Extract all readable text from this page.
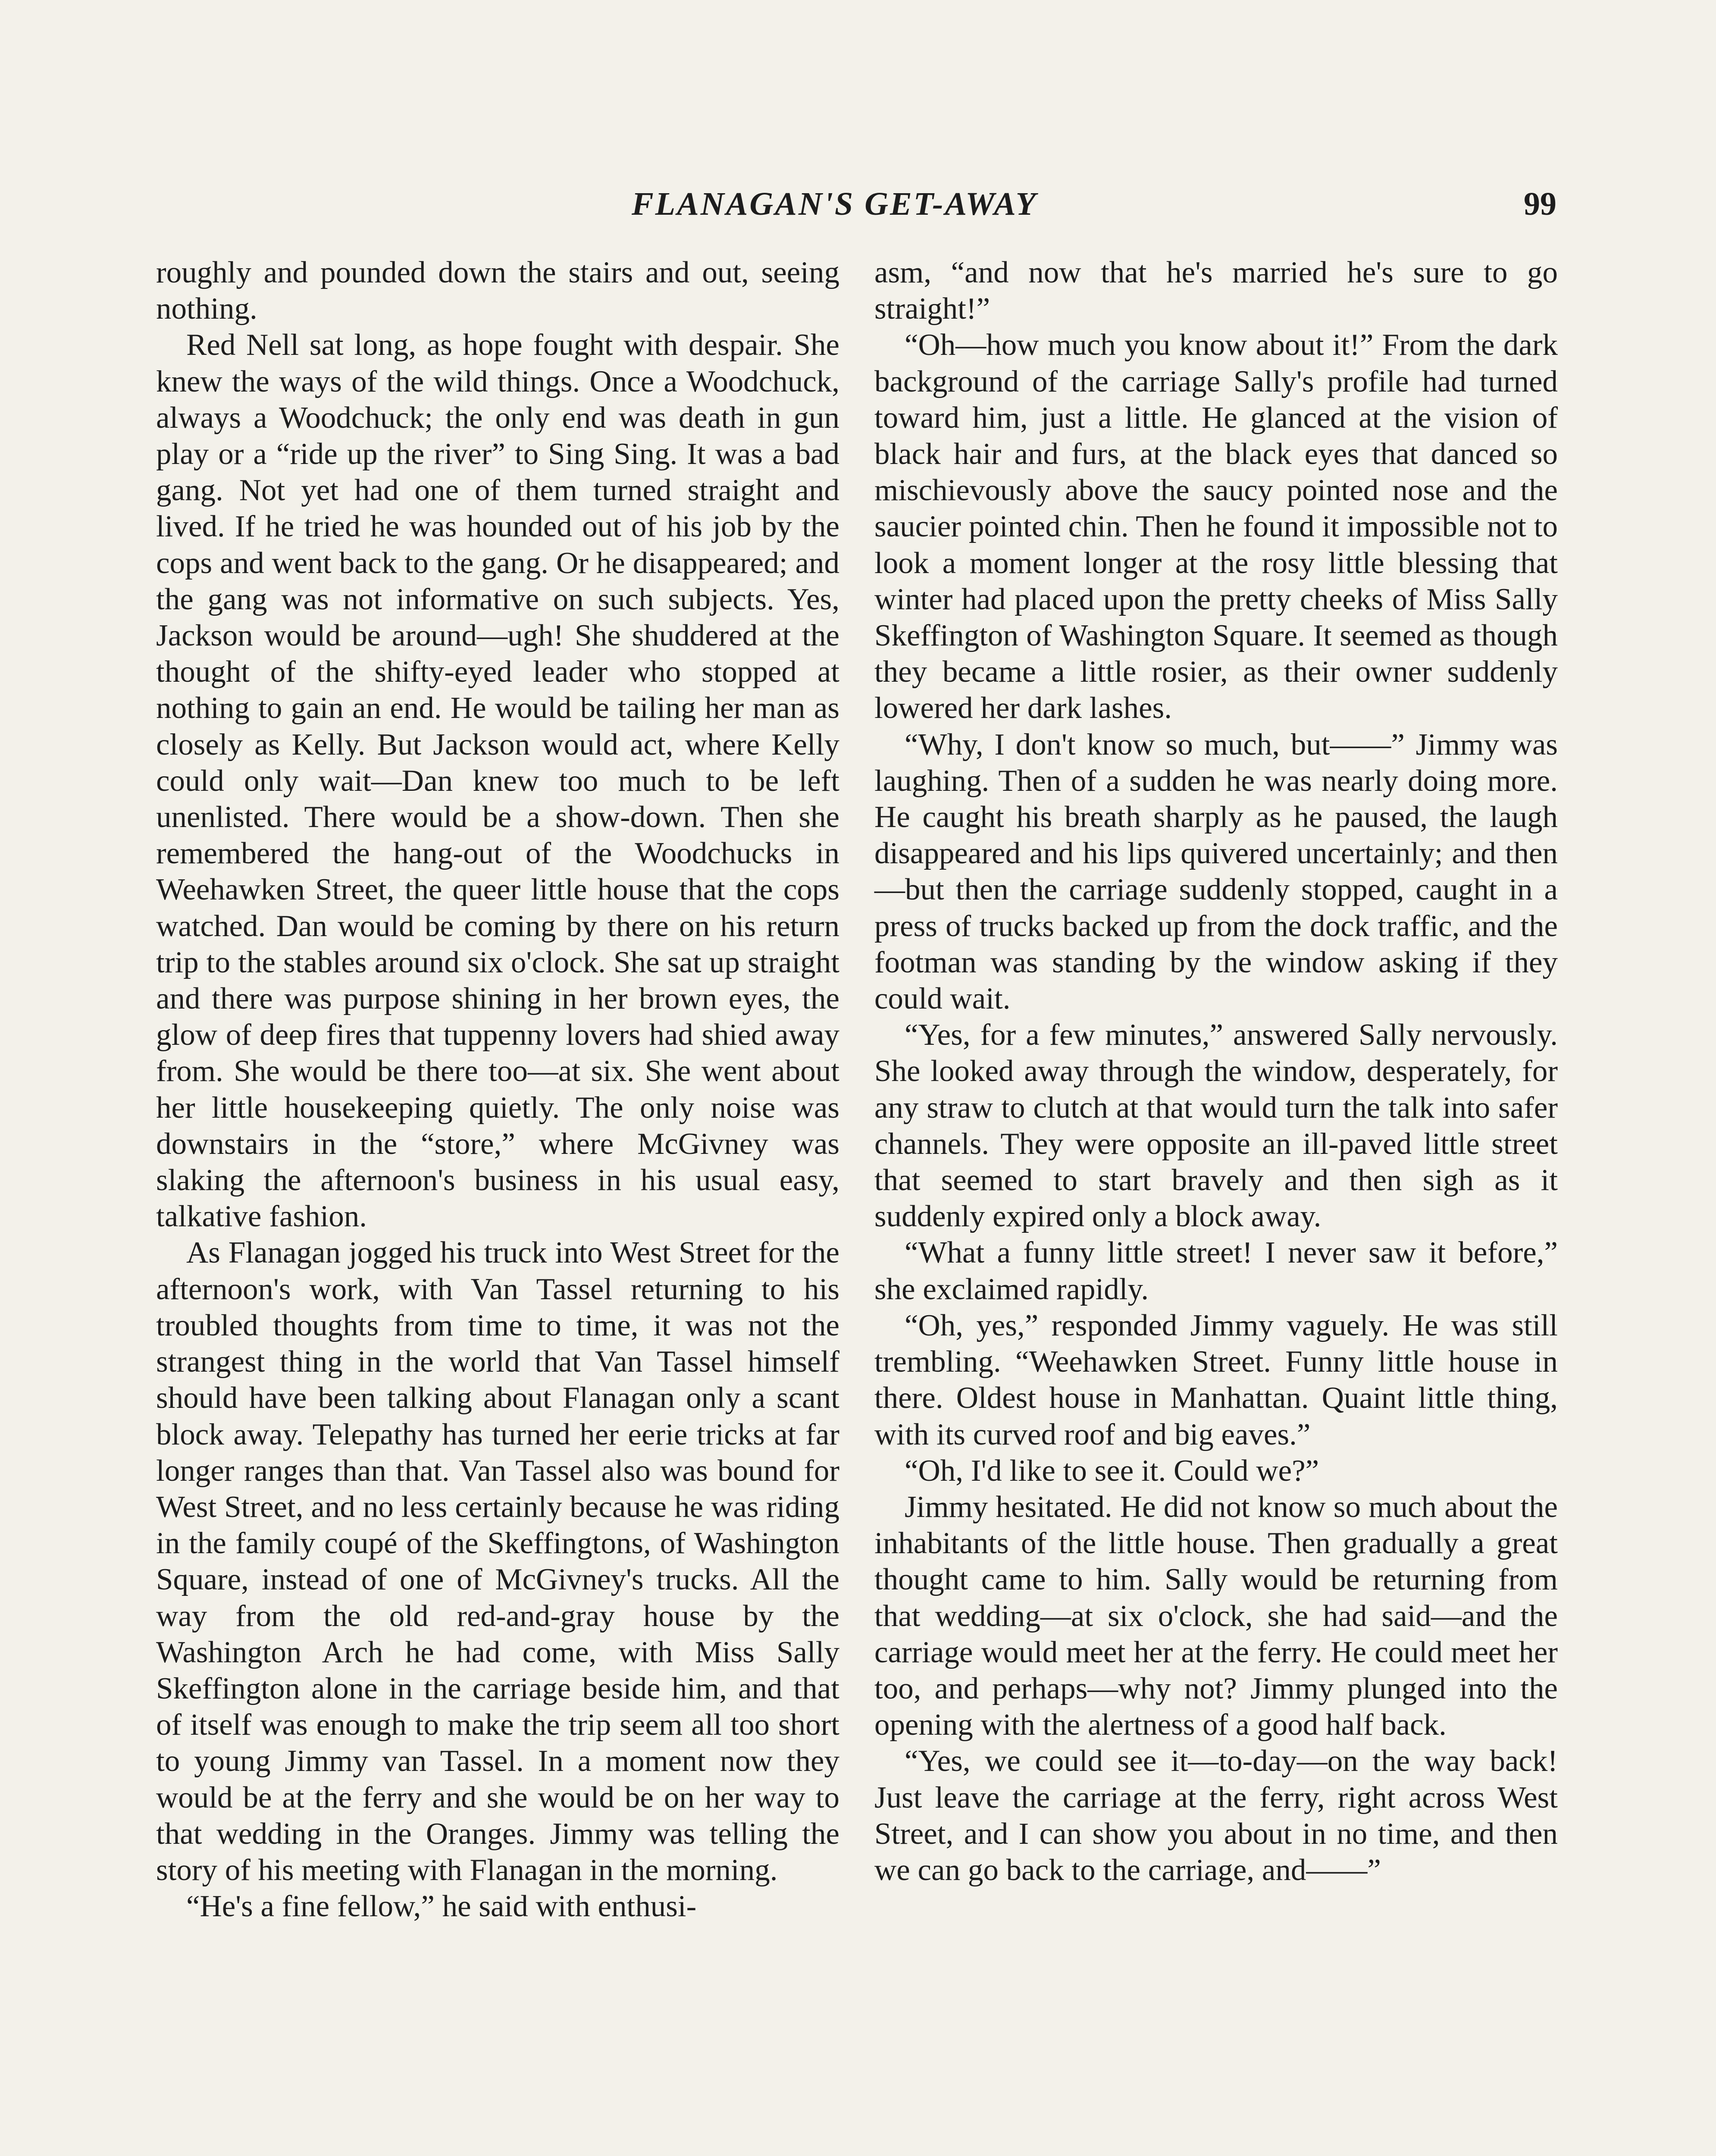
FLANAGAN'S GET-AWAY	99

roughly and pounded down the stairs and out, seeing nothing.

Red Nell sat long, as hope fought with despair. She knew the ways of the wild things. Once a Woodchuck, always a Woodchuck; the only end was death in gun play or a “ride up the river” to Sing Sing. It was a bad gang. Not yet had one of them turned straight and lived. If he tried he was hounded out of his job by the cops and went back to the gang. Or he disappeared; and the gang was not informative on such subjects. Yes, Jackson would be around—ugh! She shuddered at the thought of the shifty-eyed leader who stopped at nothing to gain an end. He would be tailing her man as closely as Kelly. But Jackson would act, where Kelly could only wait—Dan knew too much to be left unenlisted. There would be a show-down. Then she remembered the hang-out of the Woodchucks in Weehawken Street, the queer little house that the cops watched. Dan would be coming by there on his return trip to the stables around six o'clock. She sat up straight and there was purpose shining in her brown eyes, the glow of deep fires that tuppenny lovers had shied away from. She would be there too—at six. She went about her little housekeeping quietly. The only noise was downstairs in the “store,” where McGivney was slaking the afternoon's business in his usual easy, talkative fashion.

As Flanagan jogged his truck into West Street for the afternoon's work, with Van Tassel returning to his troubled thoughts from time to time, it was not the strangest thing in the world that Van Tassel himself should have been talking about Flanagan only a scant block away. Telepathy has turned her eerie tricks at far longer ranges than that. Van Tassel also was bound for West Street, and no less certainly because he was riding in the family coupé of the Skeffingtons, of Washington Square, instead of one of McGivney's trucks. All the way from the old red-and-gray house by the Washington Arch he had come, with Miss Sally Skeffington alone in the carriage beside him, and that of itself was enough to make the trip seem all too short to young Jimmy van Tassel. In a moment now they would be at the ferry and she would be on her way to that wedding in the Oranges. Jimmy was telling the story of his meeting with Flanagan in the morning.

“He's a fine fellow,” he said with enthusi-

asm, “and now that he's married he's sure to go straight!”

“Oh—how much you know about it!” From the dark background of the carriage Sally's profile had turned toward him, just a little. He glanced at the vision of black hair and furs, at the black eyes that danced so mischievously above the saucy pointed nose and the saucier pointed chin. Then he found it impossible not to look a moment longer at the rosy little blessing that winter had placed upon the pretty cheeks of Miss Sally Skeffington of Washington Square. It seemed as though they became a little rosier, as their owner suddenly lowered her dark lashes.

“Why, I don't know so much, but——” Jimmy was laughing. Then of a sudden he was nearly doing more. He caught his breath sharply as he paused, the laugh disappeared and his lips quivered uncertainly; and then—but then the carriage suddenly stopped, caught in a press of trucks backed up from the dock traffic, and the footman was standing by the window asking if they could wait.

“Yes, for a few minutes,” answered Sally nervously. She looked away through the window, desperately, for any straw to clutch at that would turn the talk into safer channels. They were opposite an ill-paved little street that seemed to start bravely and then sigh as it suddenly expired only a block away.

“What a funny little street! I never saw it before,” she exclaimed rapidly.

“Oh, yes,” responded Jimmy vaguely. He was still trembling. “Weehawken Street. Funny little house in there. Oldest house in Manhattan. Quaint little thing, with its curved roof and big eaves.”

“Oh, I'd like to see it. Could we?”

Jimmy hesitated. He did not know so much about the inhabitants of the little house. Then gradually a great thought came to him. Sally would be returning from that wedding—at six o'clock, she had said—and the carriage would meet her at the ferry. He could meet her too, and perhaps—why not? Jimmy plunged into the opening with the alertness of a good half back.

“Yes, we could see it—to-day—on the way back! Just leave the carriage at the ferry, right across West Street, and I can show you about in no time, and then we can go back to the carriage, and——”
